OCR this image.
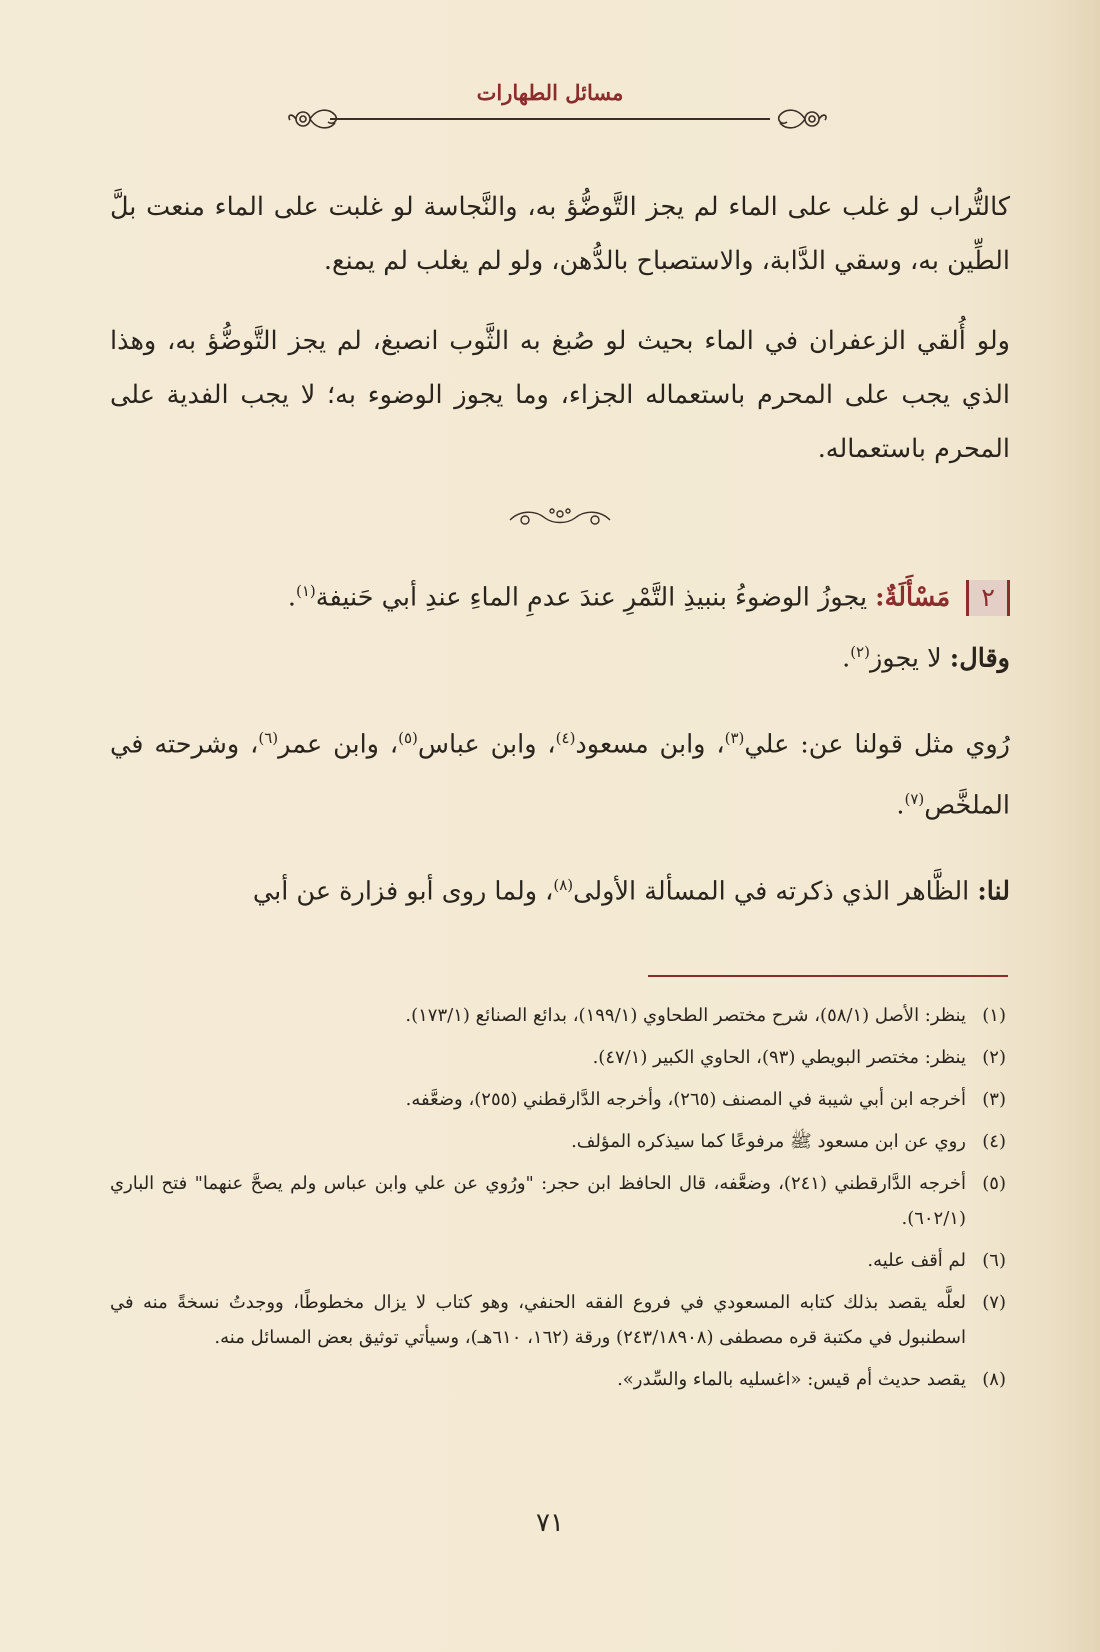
مسائل الطهارات

كالتُّراب لو غلب على الماء لم يجز التَّوضُّؤ به، والنَّجاسة لو غلبت على الماء منعت بلَّ الطِّين به، وسقي الدَّابة، والاستصباح بالدُّهن، ولو لم يغلب لم يمنع.

ولو أُلقي الزعفران في الماء بحيث لو صُبغ به الثَّوب انصبغ، لم يجز التَّوضُّؤ به، وهذا الذي يجب على المحرم باستعماله الجزاء، وما يجوز الوضوء به؛ لا يجب الفدية على المحرم باستعماله.

٢ مَسْأَلَةٌ: يجوزُ الوضوءُ بنبيذِ التَّمْرِ عندَ عدمِ الماءِ عندِ أبي حَنيفة$^{(١)}$.

وقال: لا يجوز$^{(٢)}$.

رُوي مثل قولنا عن: علي$^{(٣)}$، وابن مسعود$^{(٤)}$، وابن عباس$^{(٥)}$، وابن عمر$^{(٦)}$، وشرحته في الملخَّص$^{(٧)}$.

لنا: الظَّاهر الذي ذكرته في المسألة الأولى$^{(٨)}$، ولما روى أبو فزارة عن أبي

(١)
ينظر: الأصل (٥٨/١)، شرح مختصر الطحاوي (١٩٩/١)، بدائع الصنائع (١٧٣/١).
(٢)
ينظر: مختصر البويطي (٩٣)، الحاوي الكبير (٤٧/١).
(٣)
أخرجه ابن أبي شيبة في المصنف (٢٦٥)، وأخرجه الدَّارقطني (٢٥٥)، وضعَّفه.
(٤)
روي عن ابن مسعود ﷺ مرفوعًا كما سيذكره المؤلف.
(٥)
أخرجه الدَّارقطني (٢٤١)، وضعَّفه، قال الحافظ ابن حجر: "ورُوي عن علي وابن عباس ولم يصحَّ عنهما" فتح الباري (٦٠٢/١).
(٦)
لم أقف عليه.
(٧)
لعلَّه يقصد بذلك كتابه المسعودي في فروع الفقه الحنفي، وهو كتاب لا يزال مخطوطًا، ووجدتُ نسخةً منه في اسطنبول في مكتبة قره مصطفى (٢٤٣/١٨٩٠٨) ورقة (١٦٢، ٦١٠هـ)، وسيأتي توثيق بعض المسائل منه.
(٨)
يقصد حديث أم قيس: «اغسليه بالماء والسِّدر».
٧١
